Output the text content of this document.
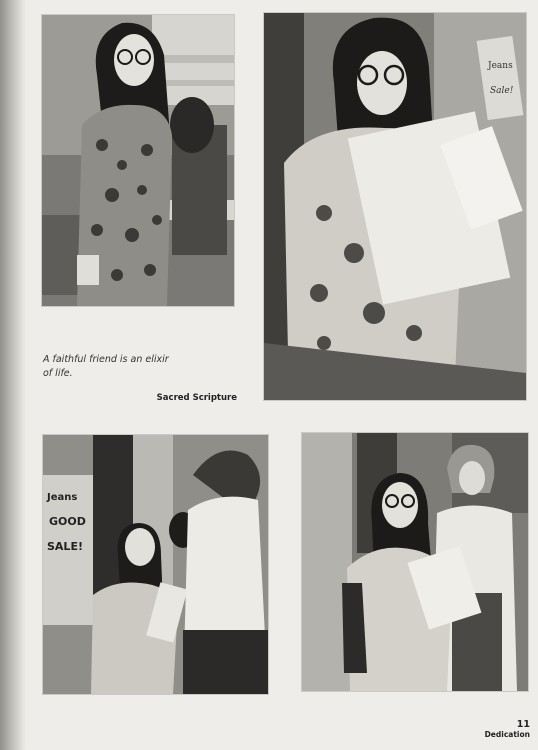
Jeans
Sale!
A faithful friend is an elixir
of life.
Sacred Scripture
Jeans
GOOD
SALE!
11
Dedication
